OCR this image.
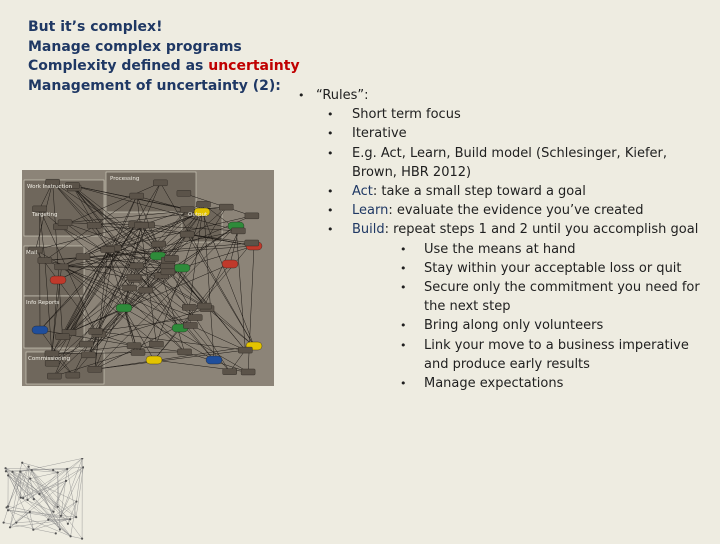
But it’s complex!
Manage complex programs
Complexity defined as uncertainty
Management of uncertainty (2):
• “Rules”:
• Short term focus
• Iterative
• E.g. Act, Learn, Build model (Schlesinger, Kiefer, Brown, HBR 2012)
• Act: take a small step toward a goal
• Learn: evaluate the evidence you’ve created
• Build: repeat steps 1 and 2 until you accomplish goal
• Use the means at hand
• Stay within your acceptable loss or quit
• Secure only the commitment you need for the next step
• Bring along only volunteers
• Link your move to a business imperative and produce early results
• Manage expectations
Processing
Work Instruction
Targeting	Output
Mail
Info Reports
Commissioning
